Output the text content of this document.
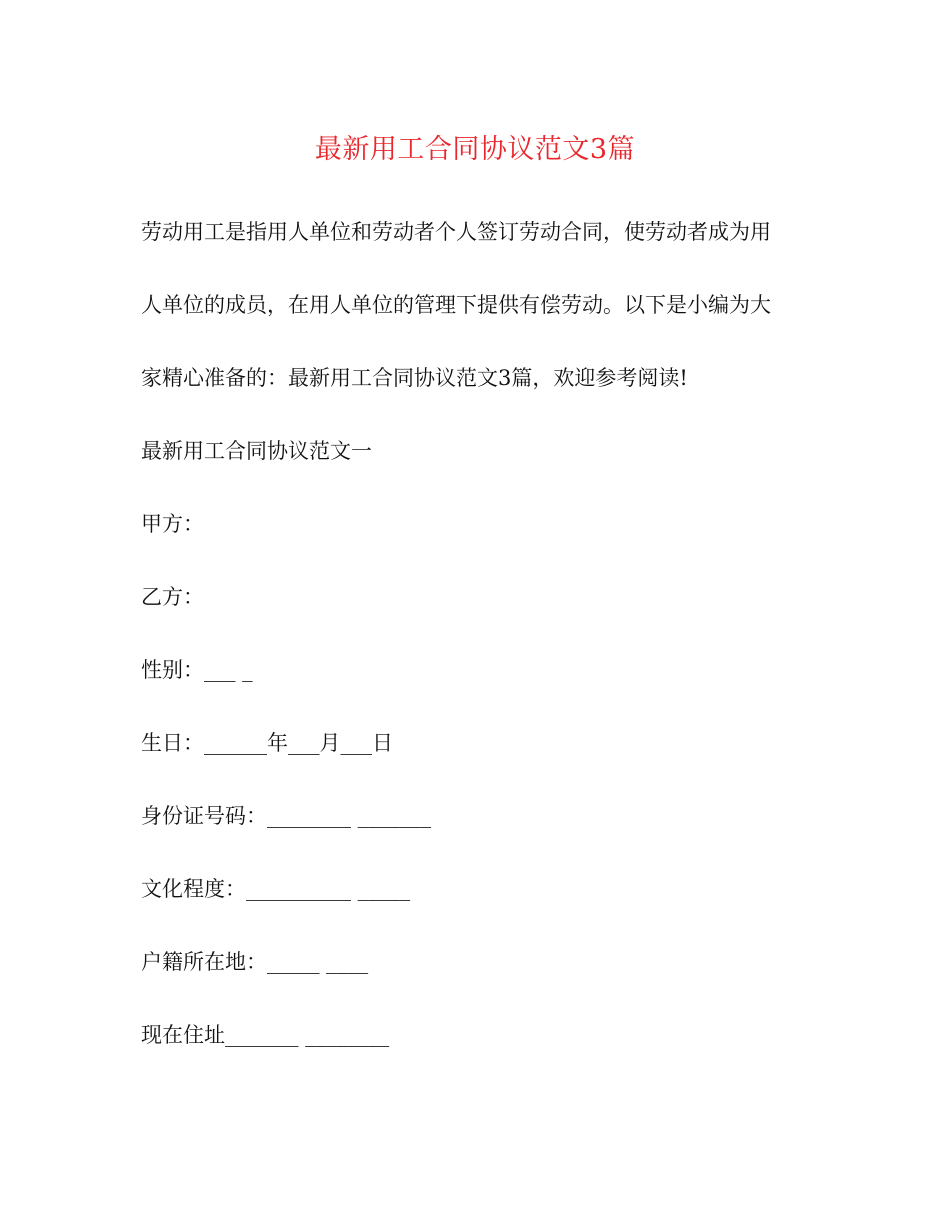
最新用工合同协议范文3篇
劳动用工是指用人单位和劳动者个人签订劳动合同，使劳动者成为用
人单位的成员，在用人单位的管理下提供有偿劳动。以下是小编为大
家精心准备的：最新用工合同协议范文3篇，欢迎参考阅读!
最新用工合同协议范文一
甲方：
乙方：
性别：___ _
生日：______年___月___日
身份证号码：________ _______
文化程度：__________ _____
户籍所在地：_____ ____
现在住址_______ ________
